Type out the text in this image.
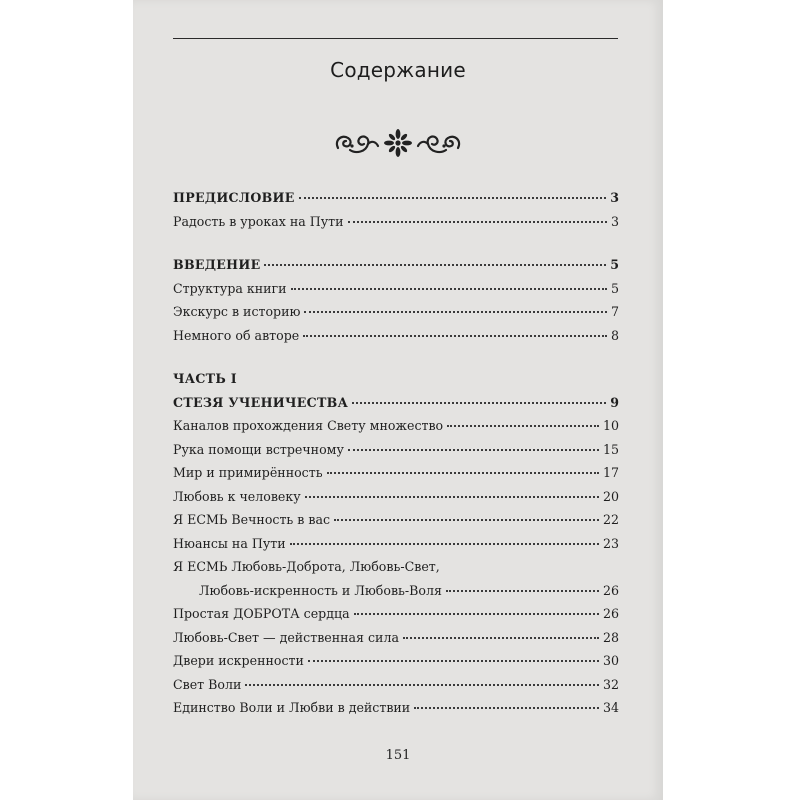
Содержание
ПРЕДИСЛОВИЕ	3
Радость в уроках на Пути	3
ВВЕДЕНИЕ	5
Структура книги	5
Экскурс в историю	7
Немного об авторе	8
ЧАСТЬ I
СТЕЗЯ УЧЕНИЧЕСТВА	9
Каналов прохождения Свету множество	10
Рука помощи встречному	15
Мир и примирённость	17
Любовь к человеку	20
Я ЕСМЬ Вечность в вас	22
Нюансы на Пути	23
Я ЕСМЬ Любовь-Доброта, Любовь-Свет,
Любовь-искренность и Любовь-Воля	26
Простая ДОБРОТА сердца	26
Любовь-Свет — действенная сила	28
Двери искренности	30
Свет Воли	32
Единство Воли и Любви в действии	34
151
